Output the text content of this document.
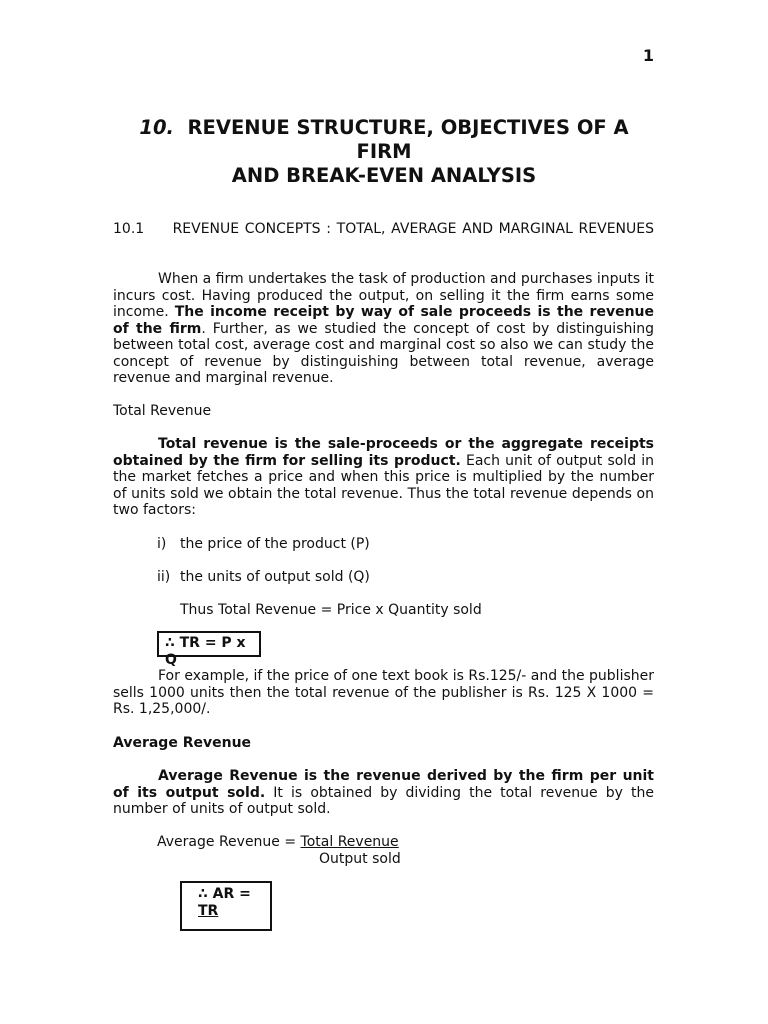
1
10. REVENUE STRUCTURE, OBJECTIVES OF A FIRM
AND BREAK-EVEN ANALYSIS
10.1 REVENUE CONCEPTS : TOTAL, AVERAGE AND MARGINAL REVENUES
When a firm undertakes the task of production and purchases inputs it incurs cost. Having produced the output, on selling it the firm earns some income. The income receipt by way of sale proceeds is the revenue of the firm. Further, as we studied the concept of cost by distinguishing between total cost, average cost and marginal cost so also we can study the concept of revenue by distinguishing between total revenue, average revenue and marginal revenue.
Total Revenue
Total revenue is the sale-proceeds or the aggregate receipts obtained by the firm for selling its product. Each unit of output sold in the market fetches a price and when this price is multiplied by the number of units sold we obtain the total revenue. Thus the total revenue depends on two factors:
i) the price of the product (P)
ii) the units of output sold (Q)
Thus Total Revenue = Price x Quantity sold
∴ TR = P x Q
For example, if the price of one text book is Rs.125/- and the publisher sells 1000 units then the total revenue of the publisher is Rs. 125 X 1000 = Rs. 1,25,000/.
Average Revenue
Average Revenue is the revenue derived by the firm per unit of its output sold. It is obtained by dividing the total revenue by the number of units of output sold.
Average Revenue = Total Revenue
Output sold
∴ AR = TR
